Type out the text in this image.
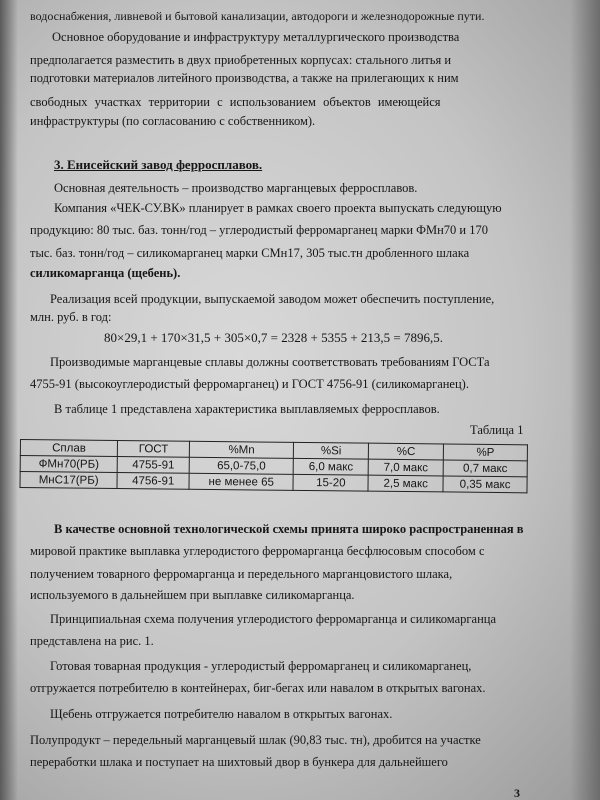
водоснабжения, ливневой и бытовой канализации, автодороги и железнодорожные пути.
Основное оборудование и инфраструктуру металлургического производства
предполагается разместить в двух приобретенных корпусах: стального литья и
подготовки материалов литейного производства, а также на прилегающих к ним
свободных участках территории с использованием объектов имеющейся
инфраструктуры (по согласованию с собственником).
3. Енисейский завод ферросплавов.
Основная деятельность – производство марганцевых ферросплавов.
Компания «ЧЕК-СУ.ВК» планирует в рамках своего проекта выпускать следующую
продукцию: 80 тыс. баз. тонн/год – углеродистый ферромарганец марки ФМн70 и 170
тыс. баз. тонн/год – силикомарганец марки СМн17, 305 тыс.тн дробленного шлака
силикомарганца (щебень).
Реализация всей продукции, выпускаемой заводом может обеспечить поступление,
млн. руб. в год:
80×29,1 + 170×31,5 + 305×0,7 = 2328 + 5355 + 213,5 = 7896,5.
Производимые марганцевые сплавы должны соответствовать требованиям ГОСТа
4755-91 (высокоуглеродистый ферромарганец) и ГОСТ 4756-91 (силикомарганец).
В таблице 1 представлена характеристика выплавляемых ферросплавов.
Таблица 1
Сплав	ГОСТ	%Mn	%Si	%C	%P
ФМн70(РБ)	4755-91	65,0-75,0	6,0 макс	7,0 макс	0,7 макс
МнС17(РБ)	4756-91	не менее 65	15-20	2,5 макс	0,35 макс
В качестве основной технологической схемы принята широко распространенная в
мировой практике выплавка углеродистого ферромарганца бесфлюсовым способом с
получением товарного ферромарганца и передельного марганцовистого шлака,
используемого в дальнейшем при выплавке силикомарганца.
Принципиальная схема получения углеродистого ферромарганца и силикомарганца
представлена на рис. 1.
Готовая товарная продукция - углеродистый ферромарганец и силикомарганец,
отгружается потребителю в контейнерах, биг-бегах или навалом в открытых вагонах.
Щебень отгружается потребителю навалом в открытых вагонах.
Полупродукт – передельный марганцевый шлак (90,83 тыс. тн), дробится на участке
переработки шлака и поступает на шихтовый двор в бункера для дальнейшего
3
